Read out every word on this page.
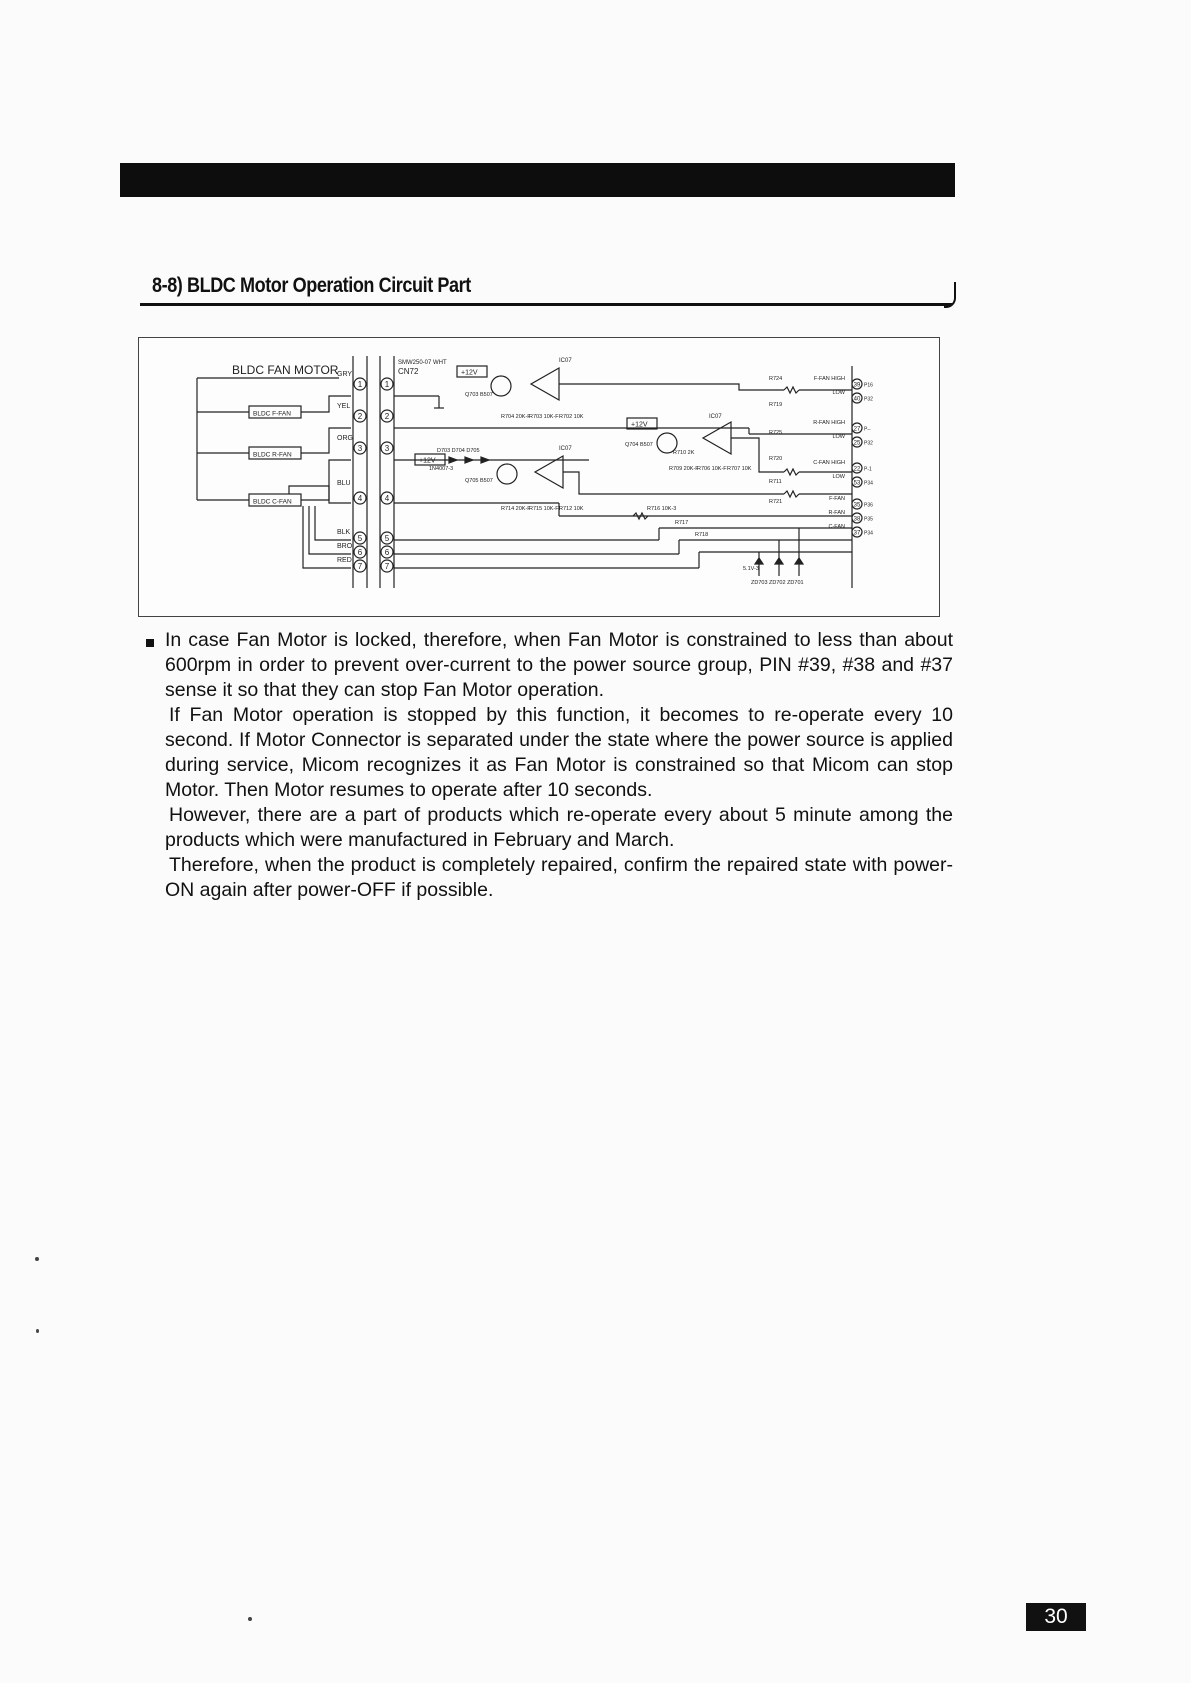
8-8) BLDC Motor Operation Circuit Part
BLDC FAN MOTOR
BLDC F-FAN
BLDC R-FAN
BLDC C-FAN
GRY
YEL
ORG
BLU
BLK
BRO
RED
1	1
2	2
3	3
4	4
5	5
6	6
7	7
SMW250-07 WHT
CN72	+12V
+12V
+12V
Q703 B507
Q704 B507
Q705 B507
IC07
IC07
IC07
D703 D704 D705
1N4007-3
R704 20K-F
R703 10K-F R702 10K
R714 20K-F
R715 10K-F R712 10K
R709 20K-F
R706 10K-F R707 10K
R716 10K-3
R717
R718
R710 2K
R711
R719
R720
R721
R724
R725
5.1V-3
ZD703 ZD702 ZD701
F-FAN HIGH
39 P16
LOW
40 P32
R-FAN HIGH
27 P--
LOW
25 P32
C-FAN HIGH
22 P-1
LOW
53 P34
F-FAN
35 P36
R-FAN
38 P35
C-FAN
37 P34

In case Fan Motor is locked, therefore, when Fan Motor is constrained to less than about 600rpm in order to prevent over-current to the power source group, PIN #39, #38 and #37 sense it so that they can stop Fan Motor operation.

If Fan Motor operation is stopped by this function, it becomes to re-operate every 10 second. If Motor Connector is separated under the state where the power source is applied during service, Micom recognizes it as Fan Motor is constrained so that Micom can stop Motor. Then Motor resumes to operate after 10 seconds.

However, there are a part of products which re-operate every about 5 minute among the products which were manufactured in February and March.

Therefore, when the product is completely repaired, confirm the repaired state with power-ON again after power-OFF if possible.

30
